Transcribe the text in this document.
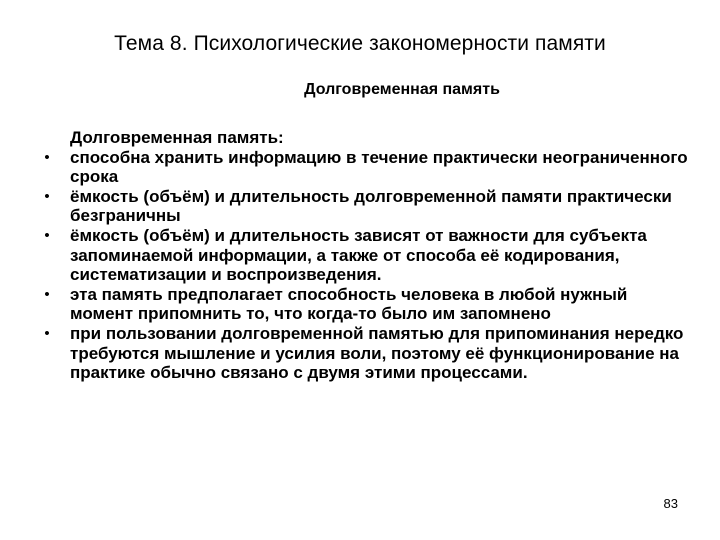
Тема 8. Психологические закономерности памяти
Долговременная память
Долговременная память:
• способна хранить информацию в течение практически неограниченного срока
• ёмкость (объём) и длительность долговременной памяти практически безграничны
• ёмкость (объём) и длительность зависят от важности для субъекта запоминаемой информации, а также от способа её кодирования, систематизации и воспроизведения.
• эта память предполагает способность человека в любой нужный момент припомнить то, что когда-то было им запомнено
• при пользовании долговременной памятью для припоминания нередко требуются мышление и усилия воли, поэтому её функционирование на практике обычно связано с двумя этими процессами.
83
